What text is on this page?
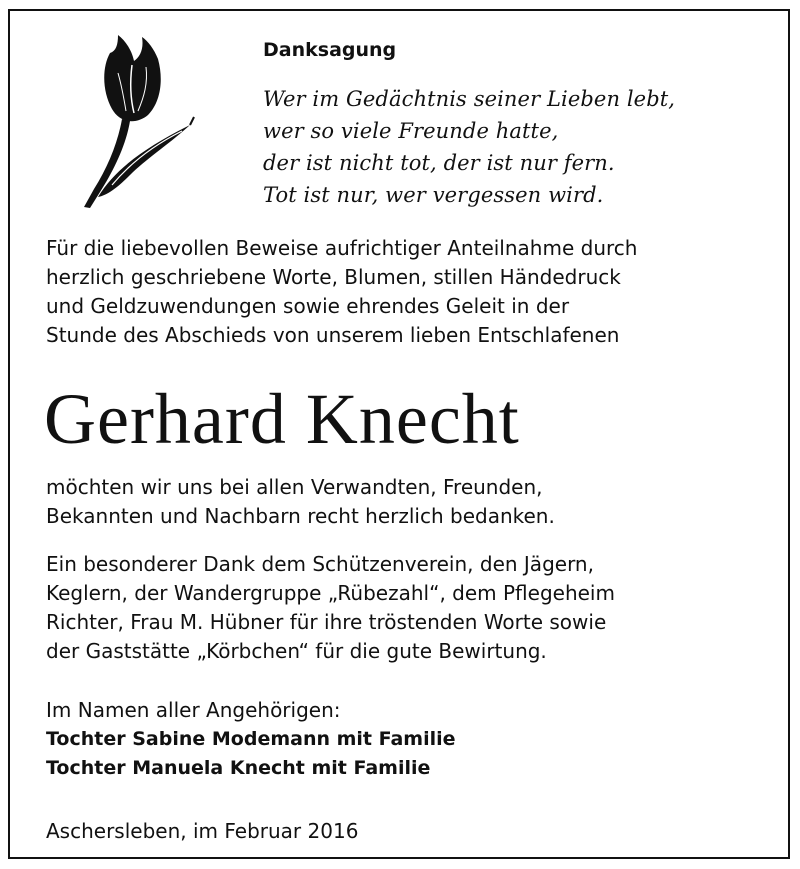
Danksagung
Wer im Gedächtnis seiner Lieben lebt,
wer so viele Freunde hatte,
der ist nicht tot, der ist nur fern.
Tot ist nur, wer vergessen wird.
Für die liebevollen Beweise aufrichtiger Anteilnahme durch
herzlich geschriebene Worte, Blumen, stillen Händedruck
und Geldzuwendungen sowie ehrendes Geleit in der
Stunde des Abschieds von unserem lieben Entschlafenen
Gerhard Knecht
möchten wir uns bei allen Verwandten, Freunden,
Bekannten und Nachbarn recht herzlich bedanken.
Ein besonderer Dank dem Schützenverein, den Jägern,
Keglern, der Wandergruppe „Rübezahl“, dem Pflegeheim
Richter, Frau M. Hübner für ihre tröstenden Worte sowie
der Gaststätte „Körbchen“ für die gute Bewirtung.
Im Namen aller Angehörigen:
Tochter Sabine Modemann mit Familie
Tochter Manuela Knecht mit Familie
Aschersleben, im Februar 2016
